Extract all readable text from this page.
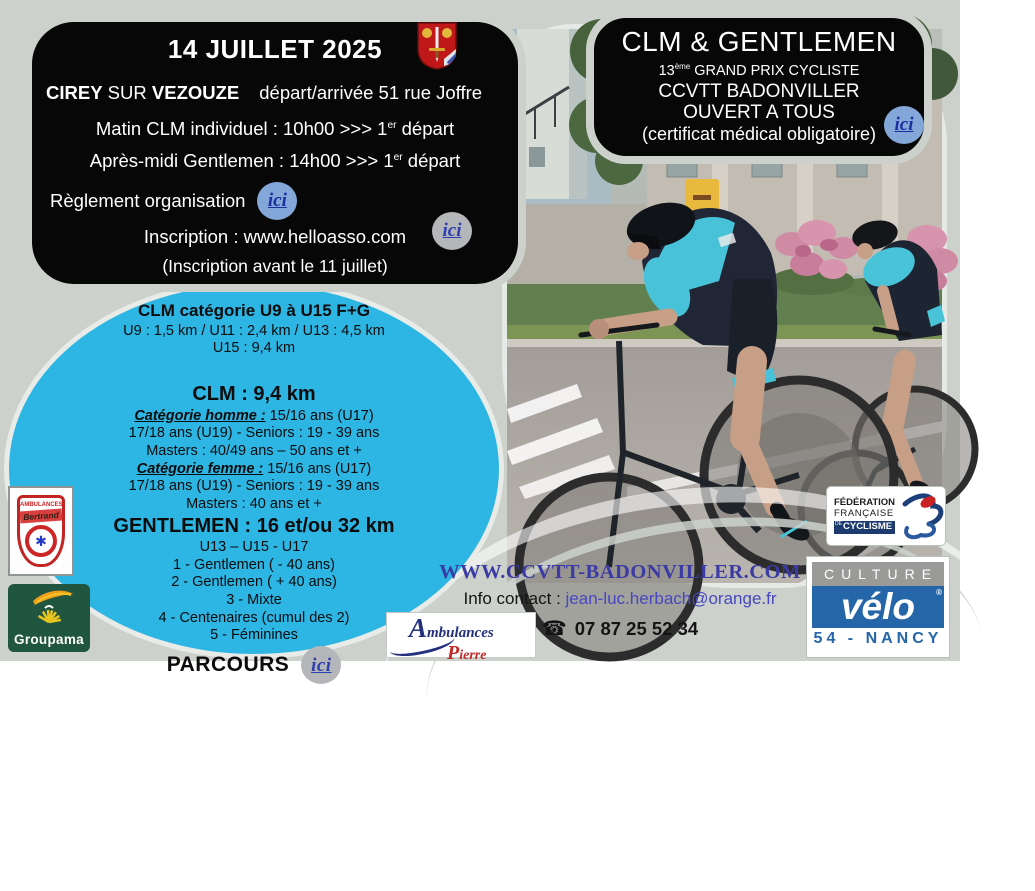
14 JUILLET 2025
CIREY SUR VEZOUZE départ/arrivée 51 rue Joffre
Matin CLM individuel : 10h00 >>> 1er départ
Après-midi Gentlemen : 14h00 >>> 1er départ
Règlement organisation ici
Inscription : www.helloasso.com
(Inscription avant le 11 juillet)
ici
CLM & GENTLEMEN
13ème GRAND PRIX CYCLISTE
CCVTT BADONVILLER
OUVERT A TOUS
(certificat médical obligatoire) ici
CLM catégorie U9 à U15 F+G
U9 : 1,5 km / U11 : 2,4 km / U13 : 4,5 km
U15 : 9,4 km
CLM : 9,4 km
Catégorie homme : 15/16 ans (U17)
17/18 ans (U19) - Seniors : 19 - 39 ans
Masters : 40/49 ans – 50 ans et +
Catégorie femme : 15/16 ans (U17)
17/18 ans (U19) - Seniors : 19 - 39 ans
Masters : 40 ans et +
GENTLEMEN : 16 et/ou 32 km
U13 – U15 - U17
1 - Gentlemen ( - 40 ans)
2 - Gentlemen ( + 40 ans)
3 - Mixte
4 - Centenaires (cumul des 2)
5 - Féminines
PARCOURS ici
WWW.CCVTT-BADONVILLER.COM
Info contact : jean-luc.herbach@orange.fr
☎ 07 87 25 52 34
AMBULANCES
Bertrand
✱
Groupama
FÉDÉRATION
FRANÇAISE
DE CYCLISME
CULTURE
vélo	®
54 - NANCY
Ambulances
Pierre
